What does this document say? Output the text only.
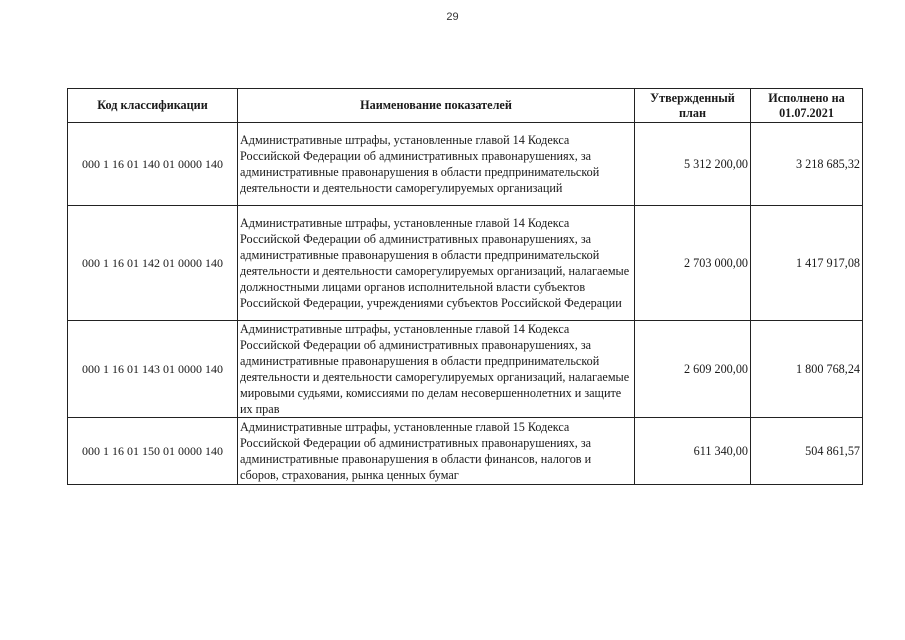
29
Код классификации	Наименование показателей	Утвержденный план	Исполнено на 01.07.2021
000 1 16 01 140 01 0000 140	Административные штрафы, установленные главой 14 Кодекса Российской Федерации об административных правонарушениях, за административные правонарушения в области предпринимательской деятельности и деятельности саморегулируемых организаций	5 312 200,00	3 218 685,32
000 1 16 01 142 01 0000 140	Административные штрафы, установленные главой 14 Кодекса Российской Федерации об административных правонарушениях, за административные правонарушения в области предпринимательской деятельности и деятельности саморегулируемых организаций, налагаемые должностными лицами органов исполнительной власти субъектов Российской Федерации, учреждениями субъектов Российской Федерации	2 703 000,00	1 417 917,08
000 1 16 01 143 01 0000 140	Административные штрафы, установленные главой 14 Кодекса Российской Федерации об административных правонарушениях, за административные правонарушения в области предпринимательской деятельности и деятельности саморегулируемых организаций, налагаемые мировыми судьями, комиссиями по делам несовершеннолетних и защите их прав	2 609 200,00	1 800 768,24
000 1 16 01 150 01 0000 140	Административные штрафы, установленные главой 15 Кодекса Российской Федерации об административных правонарушениях, за административные правонарушения в области финансов, налогов и сборов, страхования, рынка ценных бумаг	611 340,00	504 861,57
